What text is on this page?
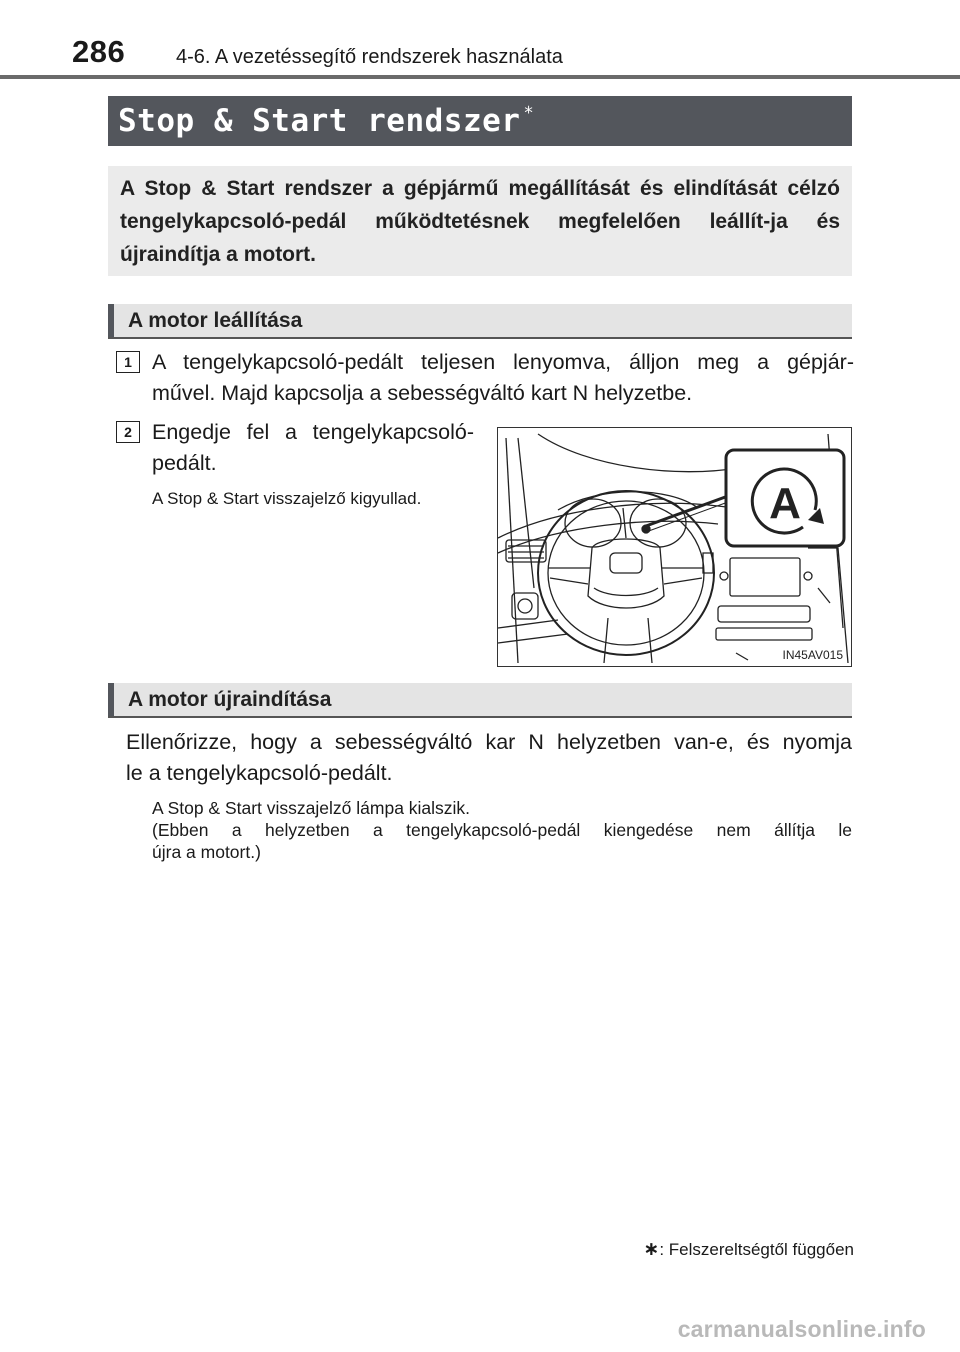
286	4-6. A vezetéssegítő rendszerek használata
Stop & Start rendszer ∗
A Stop & Start rendszer a gépjármű megállítását és elindítását célzó tengelykapcsoló-pedál működtetésnek megfelelően leállít-ja és újraindítja a motort.
A motor leállítása
1 A tengelykapcsoló-pedált teljesen lenyomva, álljon meg a gépjár-
művel. Majd kapcsolja a sebességváltó kart N helyzetbe.
2 Engedje fel a tengelykapcsoló-
pedált.
A Stop & Start visszajelző kigyullad.	A
IN45AV015
A motor újraindítása
Ellenőrizze, hogy a sebességváltó kar N helyzetben van-e, és nyomja
le a tengelykapcsoló-pedált.
A Stop & Start visszajelző lámpa kialszik.
(Ebben a helyzetben a tengelykapcsoló-pedál kiengedése nem állítja le
újra a motort.)
∗: Felszereltségtől függően
carmanualsonline.info
